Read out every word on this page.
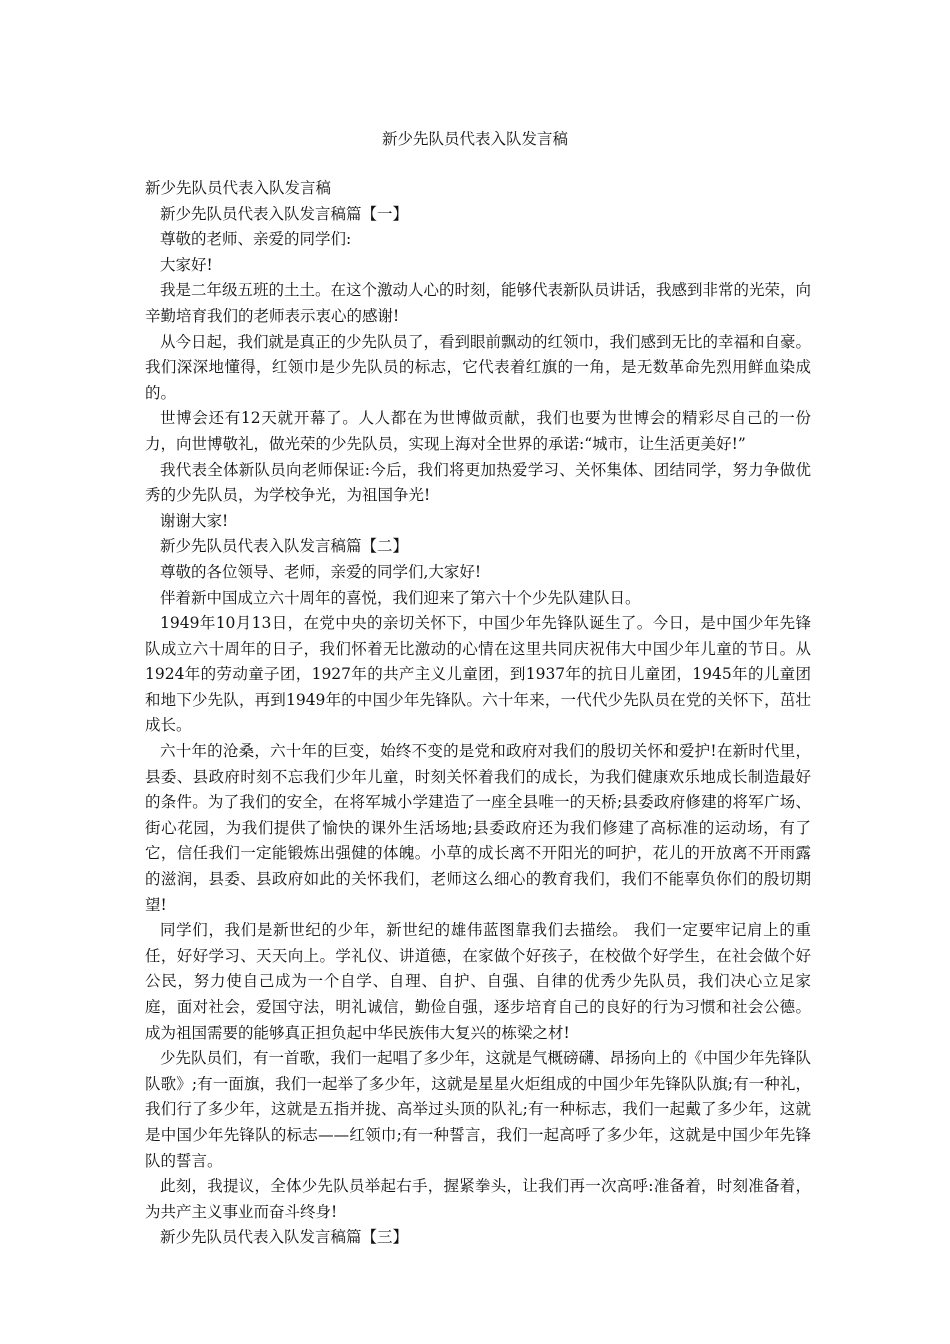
新少先队员代表入队发言稿

新少先队员代表入队发言稿

新少先队员代表入队发言稿篇【一】

尊敬的老师、亲爱的同学们:

大家好!

我是二年级五班的土土。在这个激动人心的时刻，能够代表新队员讲话，我感到非常的光荣，向辛勤培育我们的老师表示衷心的感谢!

从今日起，我们就是真正的少先队员了，看到眼前飘动的红领巾，我们感到无比的幸福和自豪。我们深深地懂得，红领巾是少先队员的标志，它代表着红旗的一角，是无数革命先烈用鲜血染成的。

世博会还有12天就开幕了。人人都在为世博做贡献，我们也要为世博会的精彩尽自己的一份力，向世博敬礼，做光荣的少先队员，实现上海对全世界的承诺:“城市，让生活更美好!”

我代表全体新队员向老师保证:今后，我们将更加热爱学习、关怀集体、团结同学，努力争做优秀的少先队员，为学校争光，为祖国争光!

谢谢大家!

新少先队员代表入队发言稿篇【二】

尊敬的各位领导、老师，亲爱的同学们,大家好!

伴着新中国成立六十周年的喜悦，我们迎来了第六十个少先队建队日。

1949年10月13日，在党中央的亲切关怀下，中国少年先锋队诞生了。今日，是中国少年先锋队成立六十周年的日子，我们怀着无比激动的心情在这里共同庆祝伟大中国少年儿童的节日。从1924年的劳动童子团，1927年的共产主义儿童团，到1937年的抗日儿童团，1945年的儿童团和地下少先队，再到1949年的中国少年先锋队。六十年来，一代代少先队员在党的关怀下，茁壮成长。

六十年的沧桑，六十年的巨变，始终不变的是党和政府对我们的殷切关怀和爱护!在新时代里，县委、县政府时刻不忘我们少年儿童，时刻关怀着我们的成长，为我们健康欢乐地成长制造最好的条件。为了我们的安全，在将军城小学建造了一座全县唯一的天桥;县委政府修建的将军广场、街心花园，为我们提供了愉快的课外生活场地;县委政府还为我们修建了高标准的运动场，有了它，信任我们一定能锻炼出强健的体魄。小草的成长离不开阳光的呵护，花儿的开放离不开雨露的滋润，县委、县政府如此的关怀我们，老师这么细心的教育我们，我们不能辜负你们的殷切期望!

同学们，我们是新世纪的少年，新世纪的雄伟蓝图靠我们去描绘。 我们一定要牢记肩上的重任，好好学习、天天向上。学礼仪、讲道德，在家做个好孩子，在校做个好学生，在社会做个好公民，努力使自己成为一个自学、自理、自护、自强、自律的优秀少先队员，我们决心立足家庭，面对社会，爱国守法，明礼诚信，勤俭自强，逐步培育自己的良好的行为习惯和社会公德。成为祖国需要的能够真正担负起中华民族伟大复兴的栋梁之材!

少先队员们，有一首歌，我们一起唱了多少年，这就是气概磅礴、昂扬向上的《中国少年先锋队队歌》;有一面旗，我们一起举了多少年，这就是星星火炬组成的中国少年先锋队队旗;有一种礼，我们行了多少年，这就是五指并拢、高举过头顶的队礼;有一种标志，我们一起戴了多少年，这就是中国少年先锋队的标志——红领巾;有一种誓言，我们一起高呼了多少年，这就是中国少年先锋队的誓言。

此刻，我提议，全体少先队员举起右手，握紧拳头，让我们再一次高呼:准备着，时刻准备着，为共产主义事业而奋斗终身!

新少先队员代表入队发言稿篇【三】
